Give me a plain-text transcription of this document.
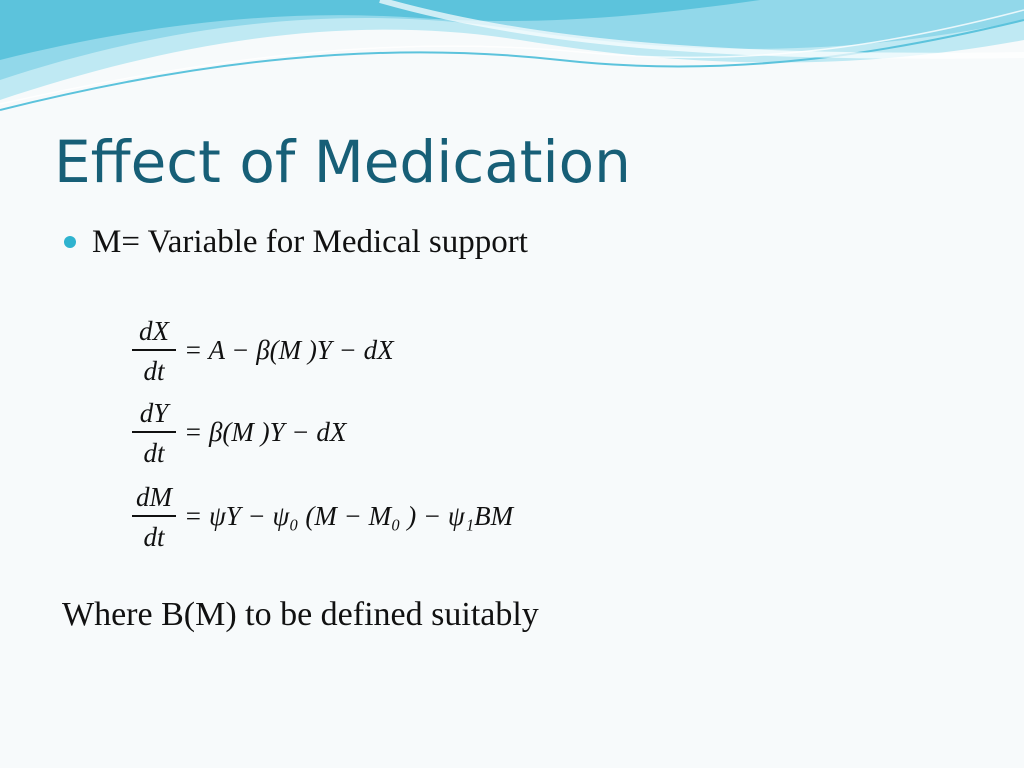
Effect of Medication
M= Variable for Medical support
$\frac{dX}{dt} = A - \beta(M$ )Y − dX
$\frac{dY}{dt} = \beta(M$ )Y − dX
$\frac{dM}{dt} = \psi Y - \psi_0$ (M − M₀ ) − ψ₁BM
Where B(M) to be defined suitably
